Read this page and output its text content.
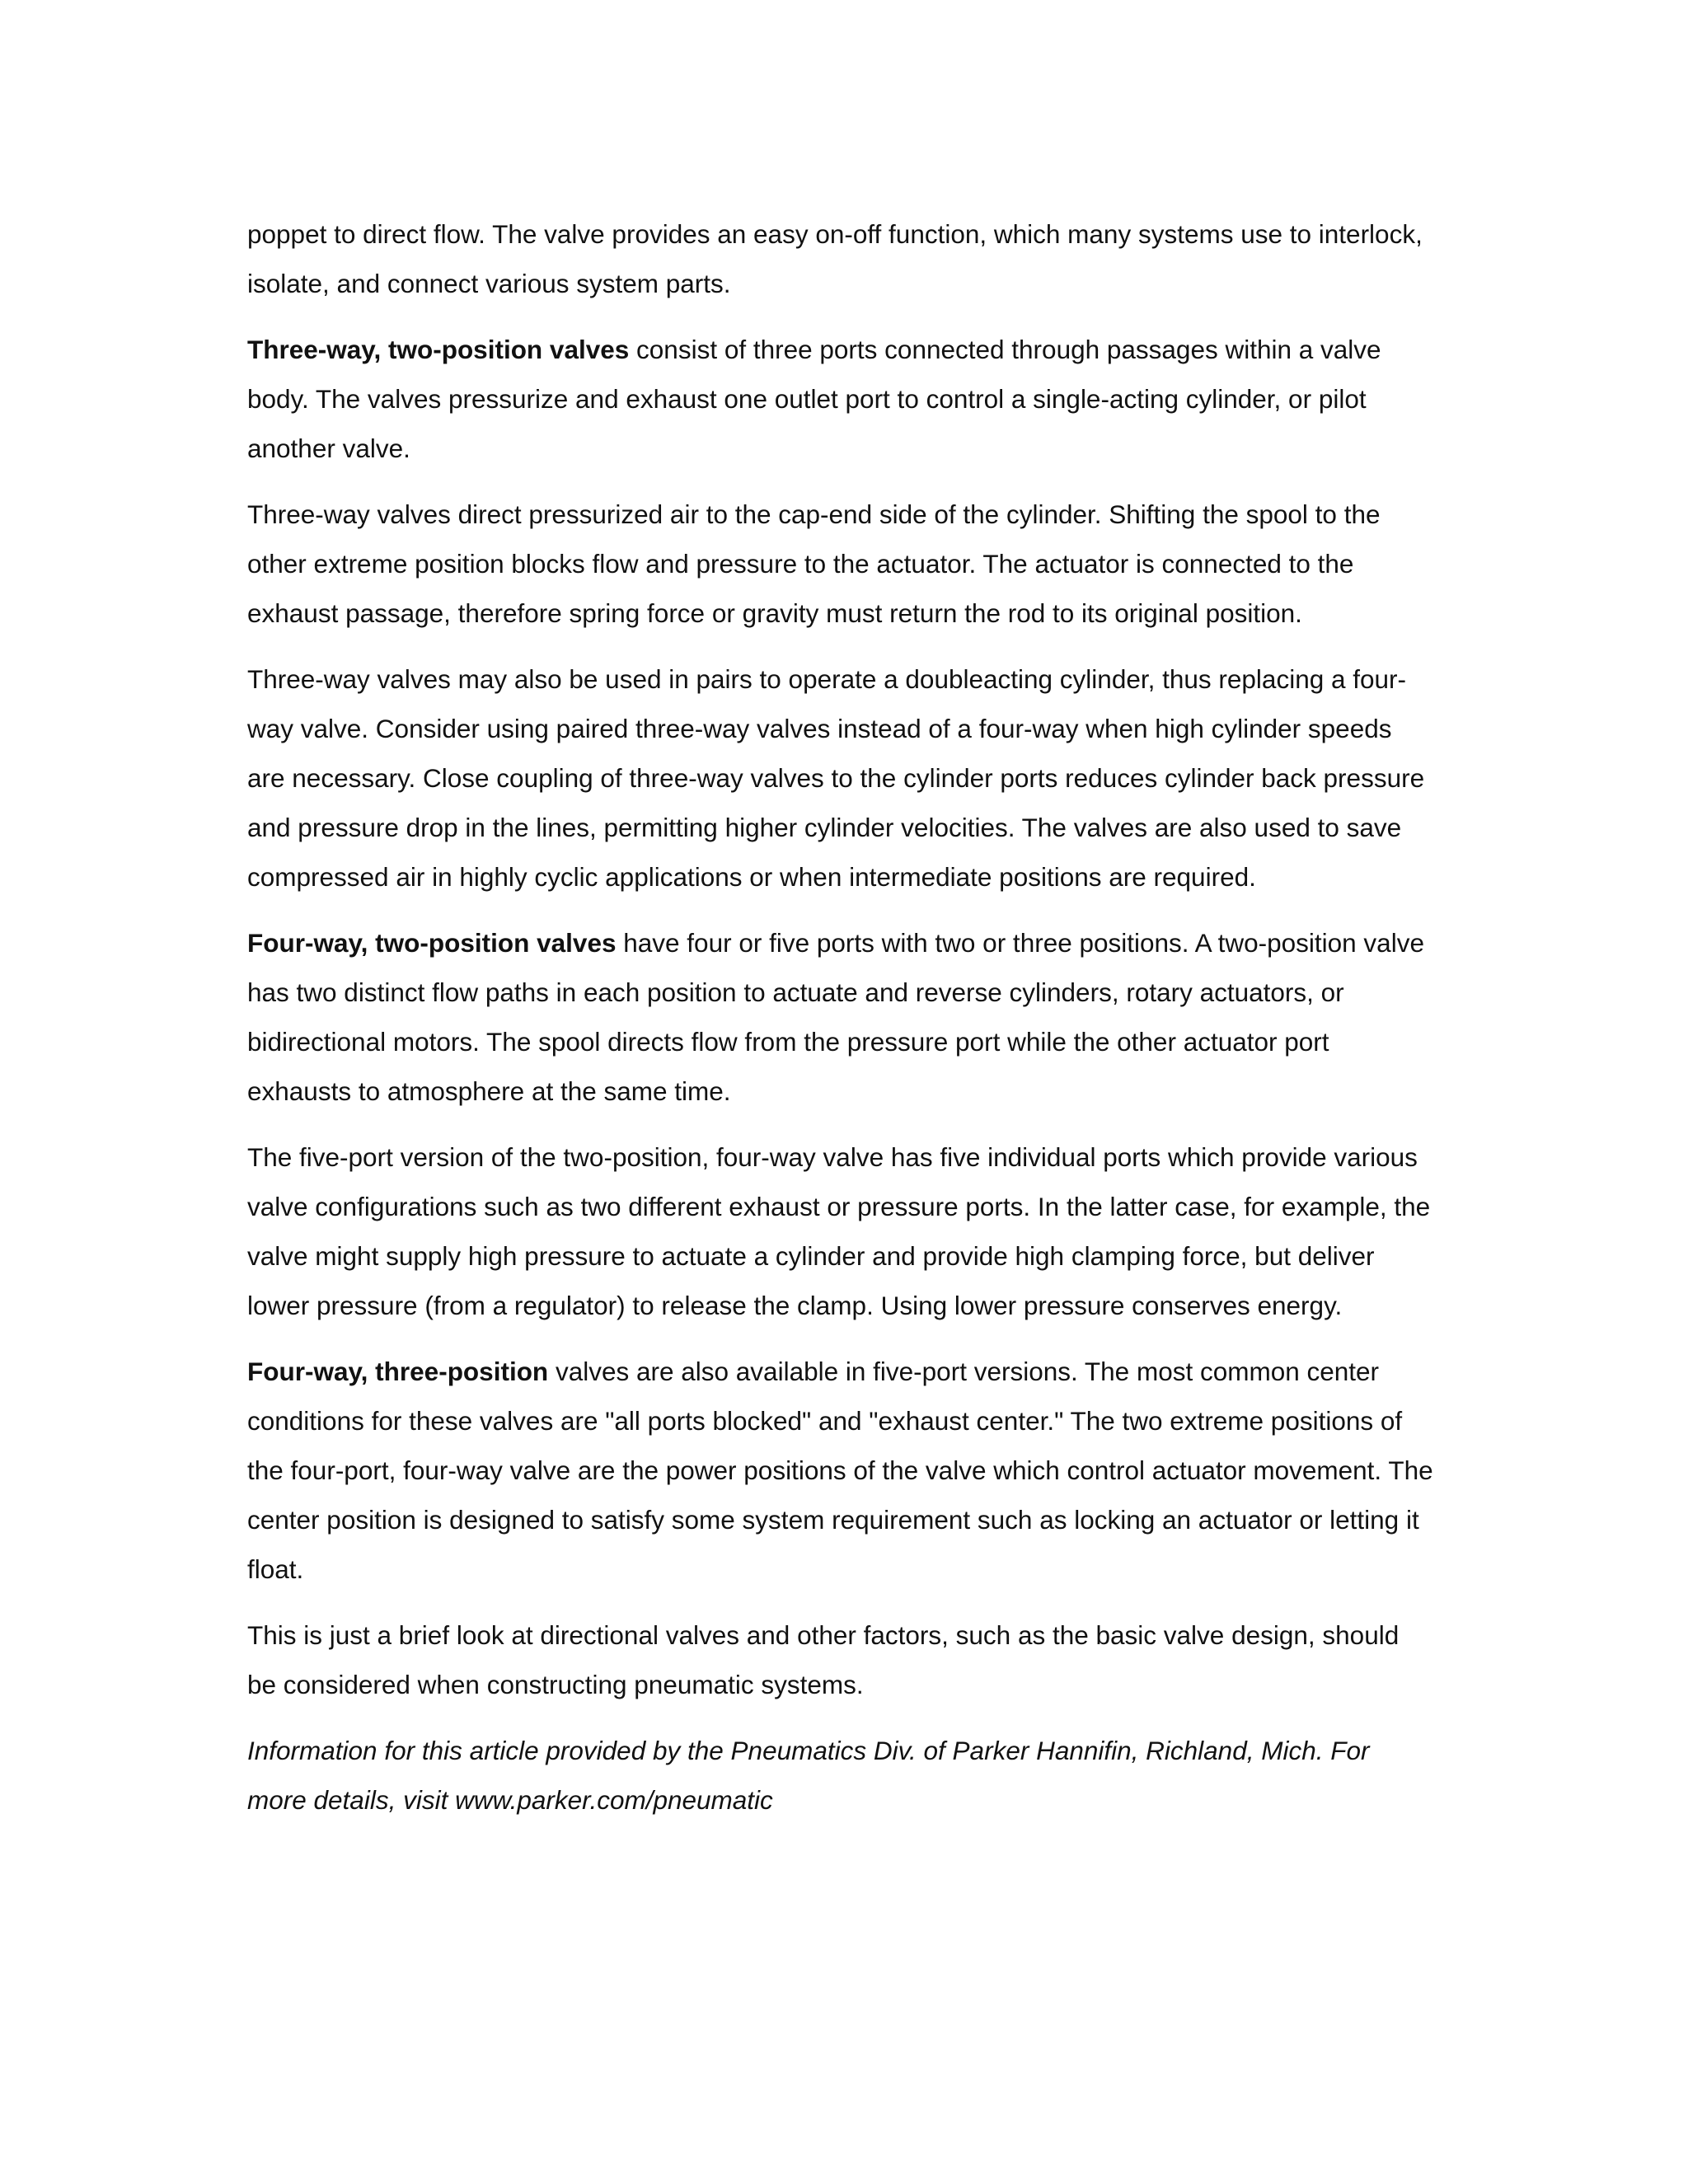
poppet to direct flow. The valve provides an easy on-off function, which many systems use to interlock, isolate, and connect various system parts.

Three-way, two-position valves consist of three ports connected through passages within a valve body. The valves pressurize and exhaust one outlet port to control a single-acting cylinder, or pilot another valve.

Three-way valves direct pressurized air to the cap-end side of the cylinder. Shifting the spool to the other extreme position blocks flow and pressure to the actuator. The actuator is connected to the exhaust passage, therefore spring force or gravity must return the rod to its original position.

Three-way valves may also be used in pairs to operate a doubleacting cylinder, thus replacing a four-way valve. Consider using paired three-way valves instead of a four-way when high cylinder speeds are necessary. Close coupling of three-way valves to the cylinder ports reduces cylinder back pressure and pressure drop in the lines, permitting higher cylinder velocities. The valves are also used to save compressed air in highly cyclic applications or when intermediate positions are required.

Four-way, two-position valves have four or five ports with two or three positions. A two-position valve has two distinct flow paths in each position to actuate and reverse cylinders, rotary actuators, or bidirectional motors. The spool directs flow from the pressure port while the other actuator port exhausts to atmosphere at the same time.

The five-port version of the two-position, four-way valve has five individual ports which provide various valve configurations such as two different exhaust or pressure ports. In the latter case, for example, the valve might supply high pressure to actuate a cylinder and provide high clamping force, but deliver lower pressure (from a regulator) to release the clamp. Using lower pressure conserves energy.

Four-way, three-position valves are also available in five-port versions. The most common center conditions for these valves are "all ports blocked" and "exhaust center." The two extreme positions of the four-port, four-way valve are the power positions of the valve which control actuator movement. The center position is designed to satisfy some system requirement such as locking an actuator or letting it float.

This is just a brief look at directional valves and other factors, such as the basic valve design, should be considered when constructing pneumatic systems.

Information for this article provided by the Pneumatics Div. of Parker Hannifin, Richland, Mich. For more details, visit www.parker.com/pneumatic
